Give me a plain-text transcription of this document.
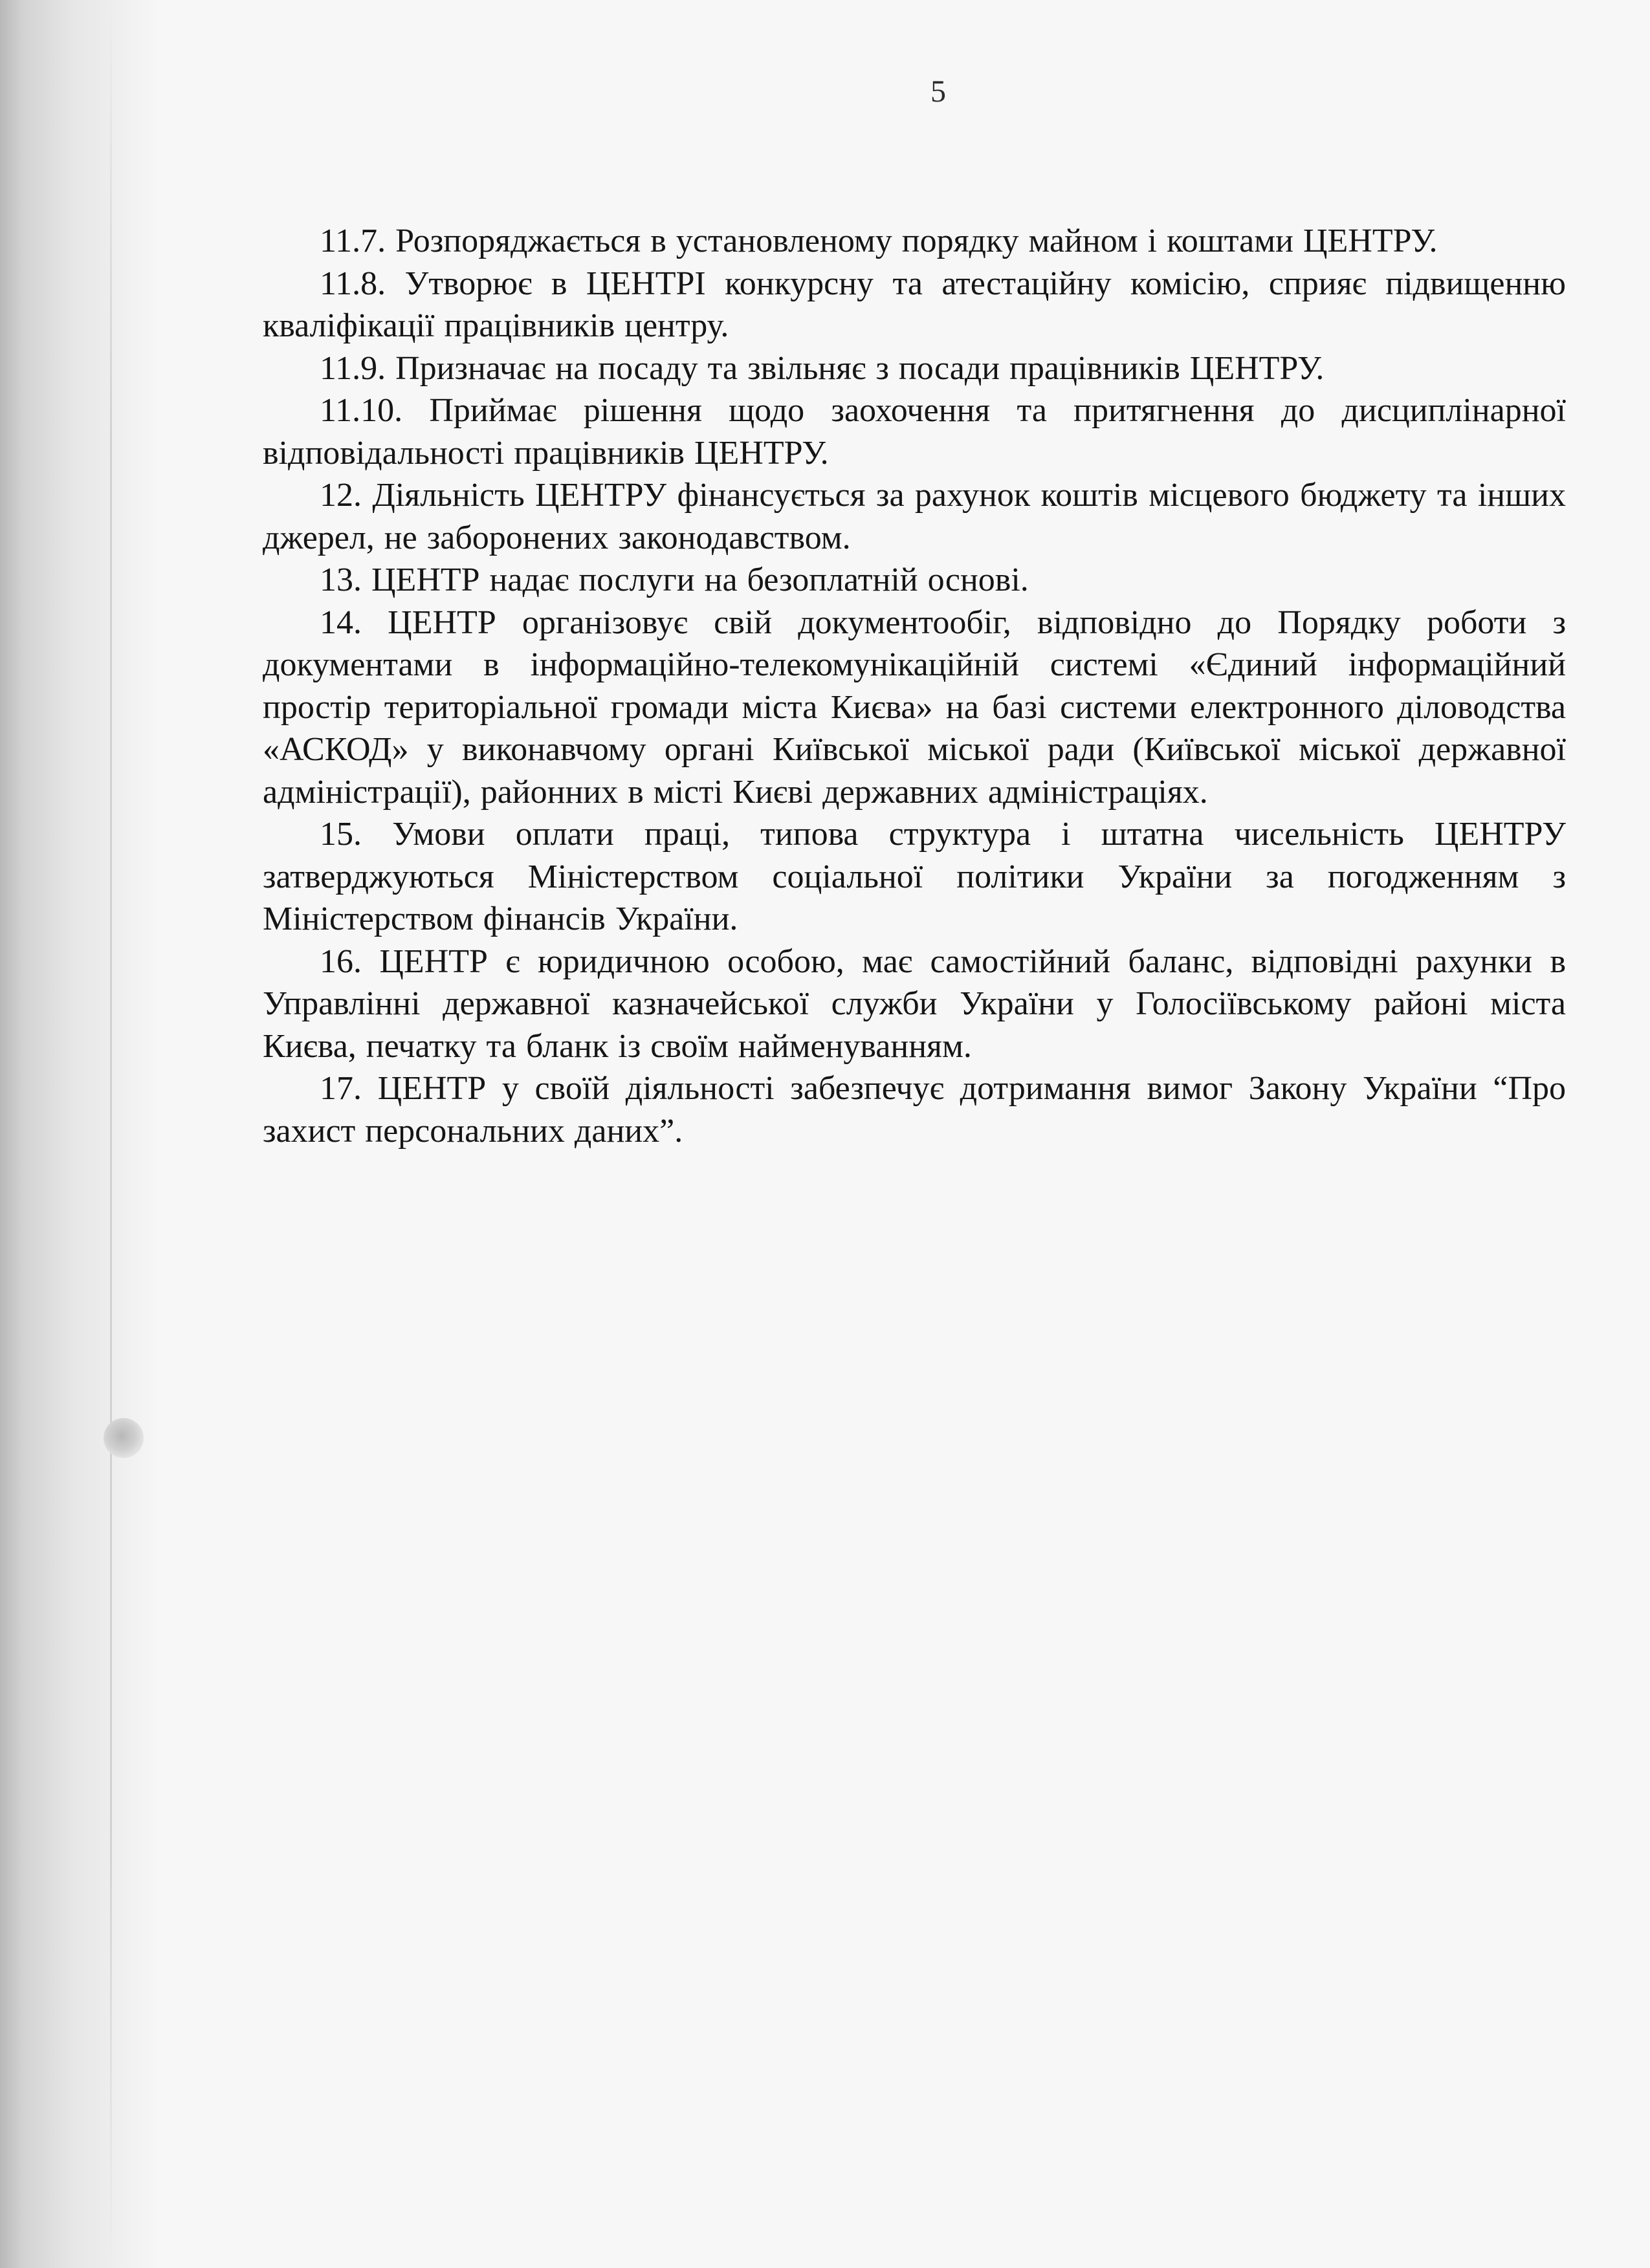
5

11.7. Розпоряджається в установленому порядку майном і коштами ЦЕНТРУ.

11.8. Утворює в ЦЕНТРІ конкурсну та атестаційну комісію, сприяє підвищенню кваліфікації працівників центру.

11.9. Призначає на посаду та звільняє з посади працівників ЦЕНТРУ.

11.10. Приймає рішення щодо заохочення та притягнення до дисциплінарної відповідальності працівників ЦЕНТРУ.

12. Діяльність ЦЕНТРУ фінансується за рахунок коштів місцевого бюджету та інших джерел, не заборонених законодавством.

13. ЦЕНТР надає послуги на безоплатній основі.

14. ЦЕНТР організовує свій документообіг, відповідно до Порядку роботи з документами в інформаційно-телекомунікаційній системі «Єдиний інформаційний простір територіальної громади міста Києва» на базі системи електронного діловодства «АСКОД» у виконавчому органі Київської міської ради (Київської міської державної адміністрації), районних в місті Києві державних адміністраціях.

15. Умови оплати праці, типова структура і штатна чисельність ЦЕНТРУ затверджуються Міністерством соціальної політики України за погодженням з Міністерством фінансів України.

16. ЦЕНТР є юридичною особою, має самостійний баланс, відповідні рахунки в Управлінні державної казначейської служби України у Голосіївському районі міста Києва, печатку та бланк із своїм найменуванням.

17. ЦЕНТР у своїй діяльності забезпечує дотримання вимог Закону України “Про захист персональних даних”.
